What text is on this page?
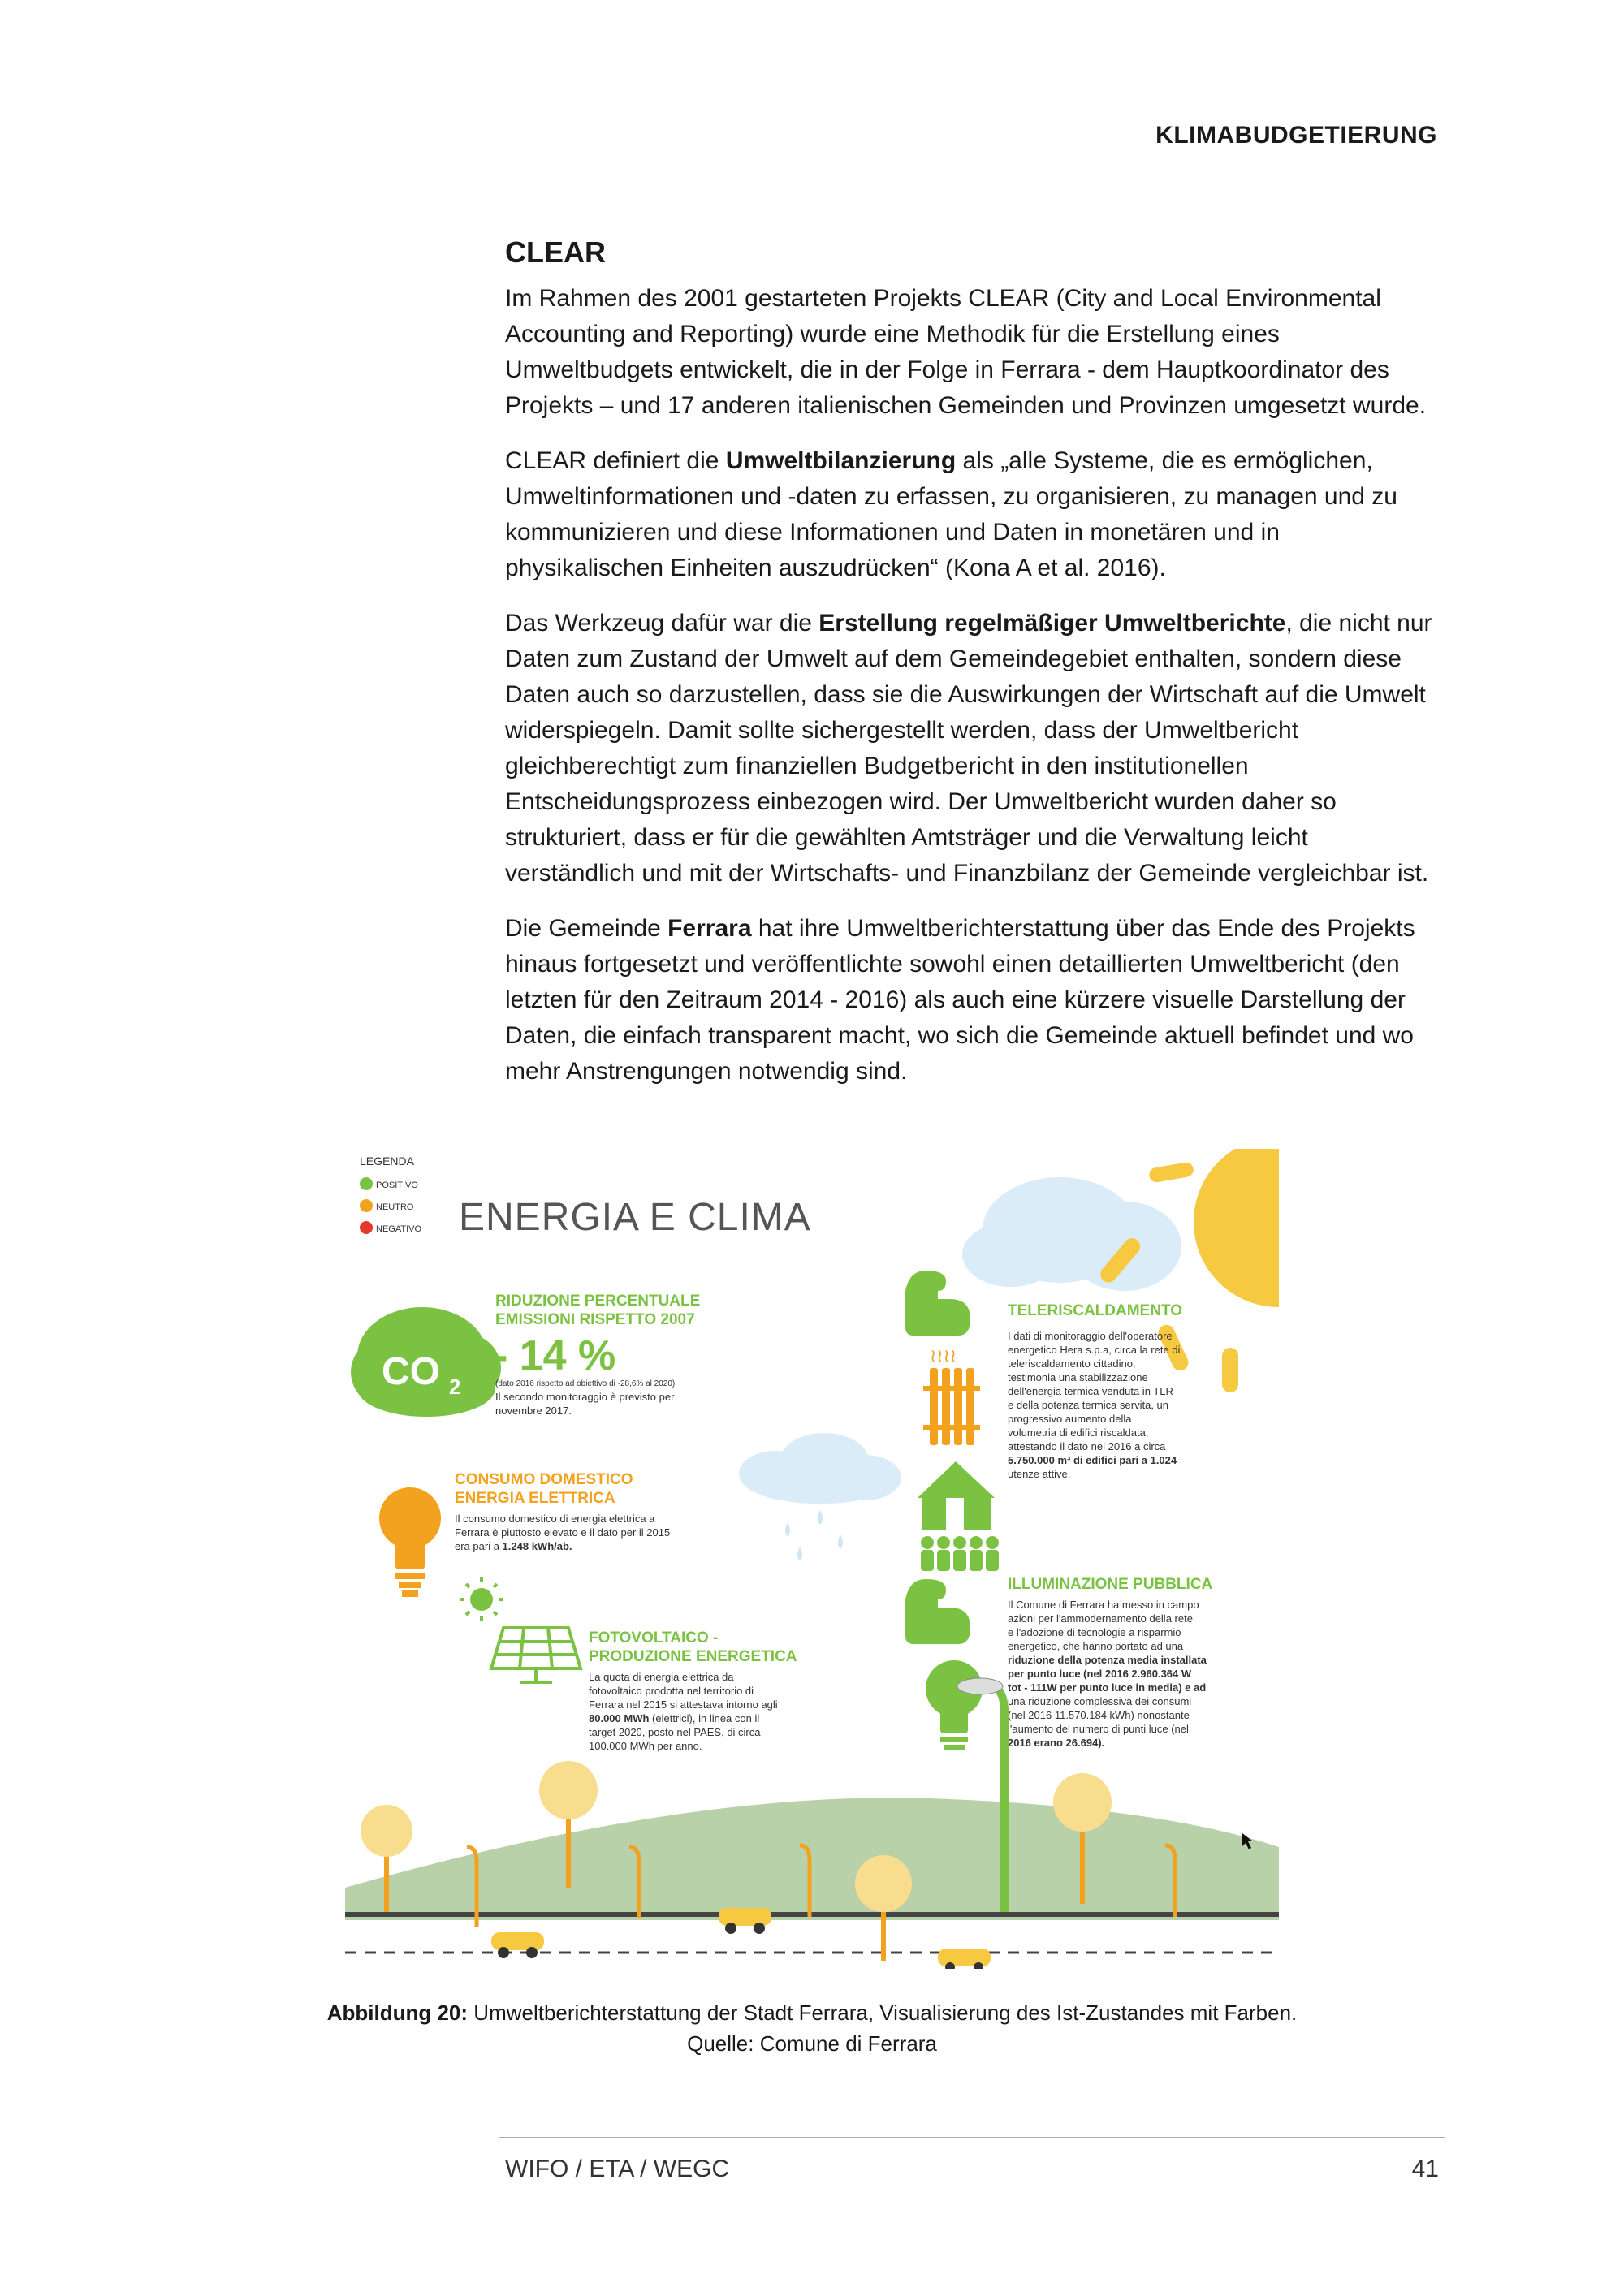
KLIMABUDGETIERUNG
CLEAR

Im Rahmen des 2001 gestarteten Projekts CLEAR (City and Local Environmental Accounting and Reporting) wurde eine Methodik für die Erstellung eines Umweltbudgets entwickelt, die in der Folge in Ferrara - dem Hauptkoordinator des Projekts – und 17 anderen italienischen Gemeinden und Provinzen umgesetzt wurde.

CLEAR definiert die Umweltbilanzierung als „alle Systeme, die es ermöglichen, Umweltinformationen und -daten zu erfassen, zu organisieren, zu managen und zu kommunizieren und diese Informationen und Daten in monetären und in physikalischen Einheiten auszudrücken“ (Kona A et al. 2016).

Das Werkzeug dafür war die Erstellung regelmäßiger Umweltberichte, die nicht nur Daten zum Zustand der Umwelt auf dem Gemeindegebiet enthalten, sondern diese Daten auch so darzustellen, dass sie die Auswirkungen der Wirtschaft auf die Umwelt widerspiegeln. Damit sollte sichergestellt werden, dass der Umweltbericht gleichberechtigt zum finanziellen Budgetbericht in den institutionellen Entscheidungsprozess einbezogen wird. Der Umweltbericht wurden daher so strukturiert, dass er für die gewählten Amtsträger und die Verwaltung leicht verständlich und mit der Wirtschafts- und Finanzbilanz der Gemeinde vergleichbar ist.

Die Gemeinde Ferrara hat ihre Umweltberichterstattung über das Ende des Projekts hinaus fortgesetzt und veröffentlichte sowohl einen detaillierten Umweltbericht (den letzten für den Zeitraum 2014 - 2016) als auch eine kürzere visuelle Darstellung der Daten, die einfach transparent macht, wo sich die Gemeinde aktuell befindet und wo mehr Anstrengungen notwendig sind.

LEGENDA
POSITIVO
NEUTRO
NEGATIVO ENERGIA E CLIMA
CO 2
RIDUZIONE PERCENTUALE
EMISSIONI RISPETTO 2007
- 14 %
(dato 2016 rispetto ad obiettivo di -28,6% al 2020)
Il secondo monitoraggio è previsto per
novembre 2017.
CONSUMO DOMESTICO
ENERGIA ELETTRICA
Il consumo domestico di energia elettrica a
Ferrara è piuttosto elevato e il dato per il 2015
era pari a 1.248 kWh/ab.
FOTOVOLTAICO -
PRODUZIONE ENERGETICA
La quota di energia elettrica da
fotovoltaico prodotta nel territorio di
Ferrara nel 2015 si attestava intorno agli
80.000 MWh (elettrici), in linea con il
target 2020, posto nel PAES, di circa
100.000 MWh per anno.
≀≀≀≀
TELERISCALDAMENTO
I dati di monitoraggio dell'operatore
energetico Hera s.p.a, circa la rete di
teleriscaldamento cittadino,
testimonia una stabilizzazione
dell'energia termica venduta in TLR
e della potenza termica servita, un
progressivo aumento della
volumetria di edifici riscaldata,
attestando il dato nel 2016 a circa
5.750.000 m³ di edifici pari a 1.024
utenze attive.
ILLUMINAZIONE PUBBLICA
Il Comune di Ferrara ha messo in campo
azioni per l'ammodernamento della rete
e l'adozione di tecnologie a risparmio
energetico, che hanno portato ad una
riduzione della potenza media installata
per punto luce (nel 2016 2.960.364 W
tot - 111W per punto luce in media) e ad
una riduzione complessiva dei consumi
(nel 2016 11.570.184 kWh) nonostante
l'aumento del numero di punti luce (nel
2016 erano 26.694).
Abbildung 20: Umweltberichterstattung der Stadt Ferrara, Visualisierung des Ist-Zustandes mit Farben.
Quelle: Comune di Ferrara
WIFO / ETA / WEGC	41
